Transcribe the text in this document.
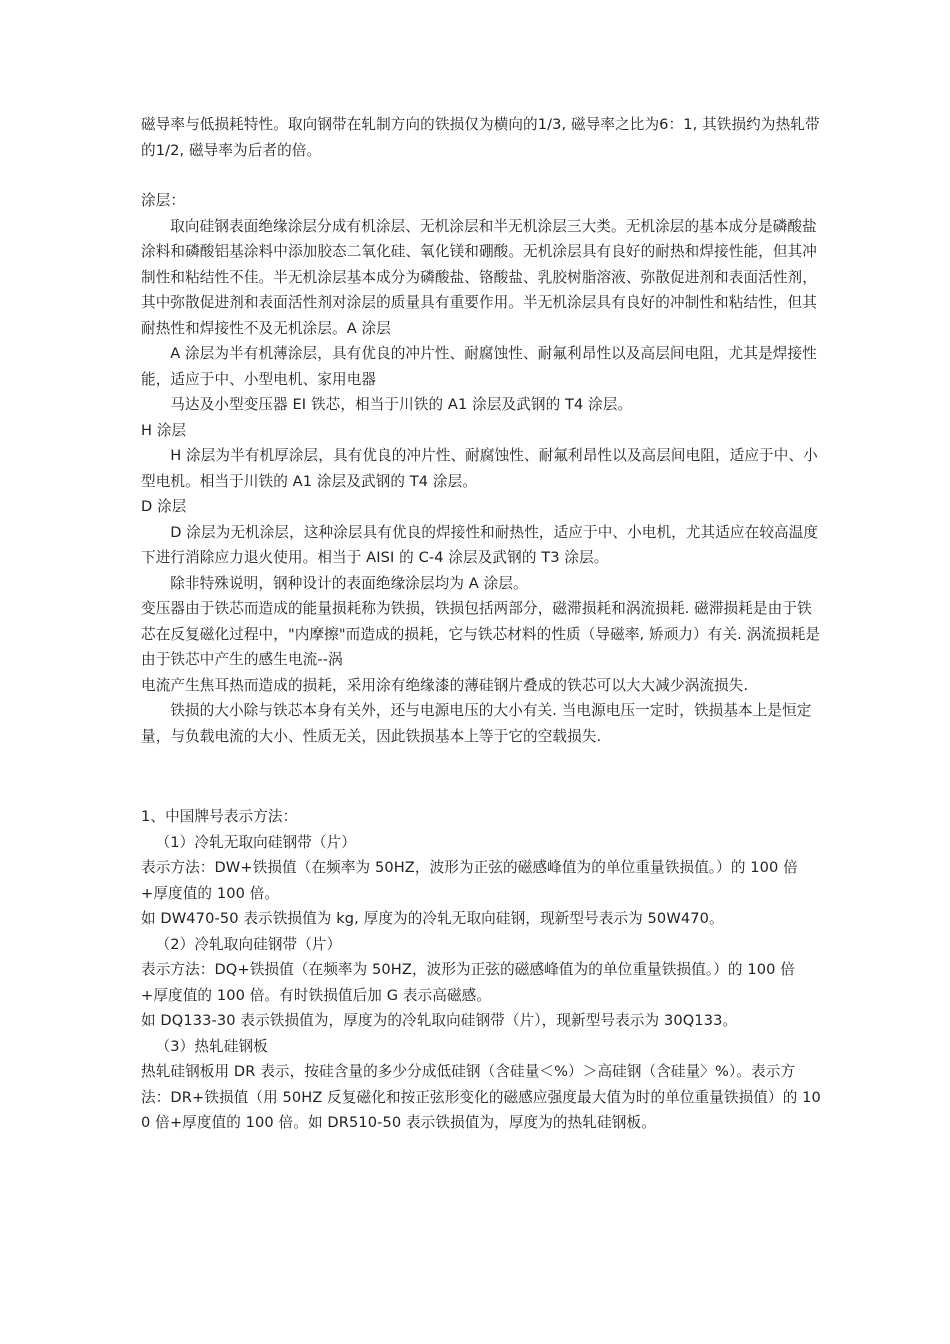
磁导率与低损耗特性。取向钢带在轧制方向的铁损仅为横向的1/3, 磁导率之比为6：1, 其铁损约为热轧带的1/2, 磁导率为后者的倍。

涂层：

取向硅钢表面绝缘涂层分成有机涂层、无机涂层和半无机涂层三大类。无机涂层的基本成分是磷酸盐涂料和磷酸铝基涂料中添加胶态二氧化硅、氧化镁和硼酸。无机涂层具有良好的耐热和焊接性能，但其冲制性和粘结性不佳。半无机涂层基本成分为磷酸盐、铬酸盐、乳胶树脂溶液、弥散促进剂和表面活性剂，其中弥散促进剂和表面活性剂对涂层的质量具有重要作用。半无机涂层具有良好的冲制性和粘结性，但其耐热性和焊接性不及无机涂层。A 涂层

A 涂层为半有机薄涂层，具有优良的冲片性、耐腐蚀性、耐氟利昂性以及高层间电阻，尤其是焊接性能，适应于中、小型电机、家用电器

马达及小型变压器 EI 铁芯，相当于川铁的 A1 涂层及武钢的 T4 涂层。

H 涂层

H 涂层为半有机厚涂层，具有优良的冲片性、耐腐蚀性、耐氟利昂性以及高层间电阻，适应于中、小型电机。相当于川铁的 A1 涂层及武钢的 T4 涂层。

D 涂层

D 涂层为无机涂层，这种涂层具有优良的焊接性和耐热性，适应于中、小电机，尤其适应在较高温度下进行消除应力退火使用。相当于 AISI 的 C-4 涂层及武钢的 T3 涂层。

除非特殊说明，钢种设计的表面绝缘涂层均为 A 涂层。

变压器由于铁芯而造成的能量损耗称为铁损，铁损包括两部分，磁滞损耗和涡流损耗. 磁滞损耗是由于铁芯在反复磁化过程中，"内摩擦"而造成的损耗，它与铁芯材料的性质（导磁率, 矫顽力）有关. 涡流损耗是由于铁芯中产生的感生电流--涡

电流产生焦耳热而造成的损耗，采用涂有绝缘漆的薄硅钢片叠成的铁芯可以大大减少涡流损失.

铁损的大小除与铁芯本身有关外，还与电源电压的大小有关. 当电源电压一定时，铁损基本上是恒定量，与负载电流的大小、性质无关，因此铁损基本上等于它的空载损失.

1、中国牌号表示方法：

（1）冷轧无取向硅钢带（片）

表示方法：DW+铁损值（在频率为 50HZ，波形为正弦的磁感峰值为的单位重量铁损值。）的 100 倍+厚度值的 100 倍。

如 DW470-50 表示铁损值为 kg, 厚度为的冷轧无取向硅钢，现新型号表示为 50W470。

（2）冷轧取向硅钢带（片）

表示方法：DQ+铁损值（在频率为 50HZ，波形为正弦的磁感峰值为的单位重量铁损值。）的 100 倍+厚度值的 100 倍。有时铁损值后加 G 表示高磁感。

如 DQ133-30 表示铁损值为，厚度为的冷轧取向硅钢带（片），现新型号表示为 30Q133。

（3）热轧硅钢板

热轧硅钢板用 DR 表示，按硅含量的多少分成低硅钢（含硅量＜%）＞高硅钢（含硅量〉%）。表示方法：DR+铁损值（用 50HZ 反复磁化和按正弦形变化的磁感应强度最大值为时的单位重量铁损值）的 100 倍+厚度值的 100 倍。如 DR510-50 表示铁损值为，厚度为的热轧硅钢板。
